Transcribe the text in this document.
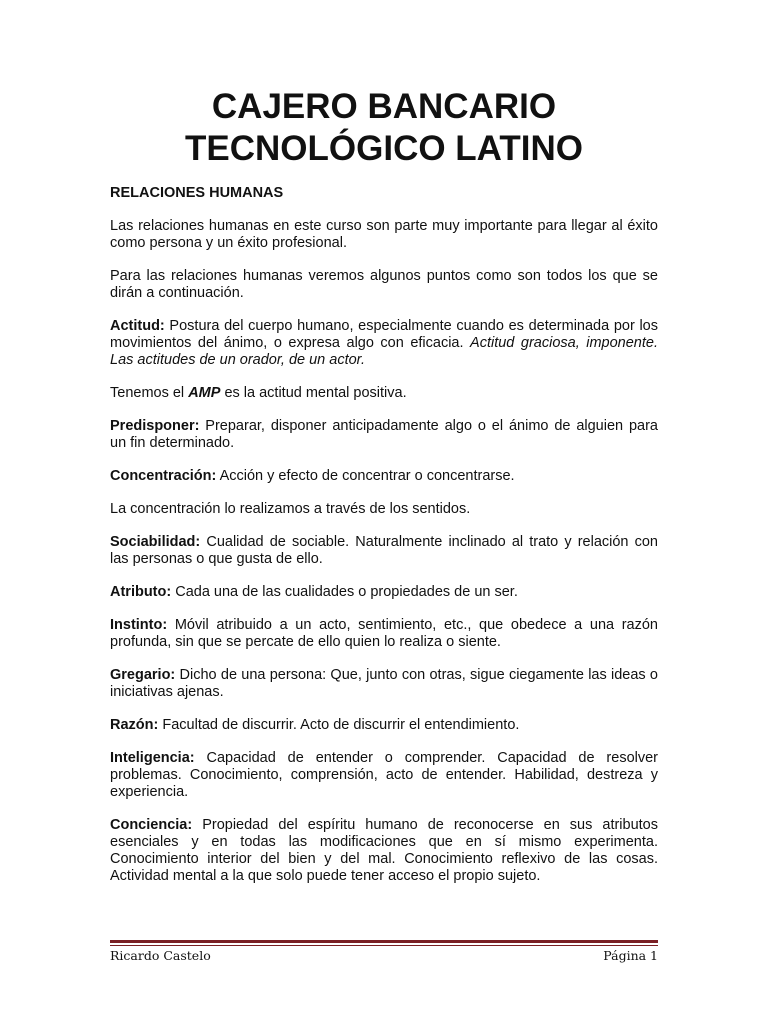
CAJERO BANCARIO
TECNOLÓGICO LATINO

RELACIONES HUMANAS

Las relaciones humanas en este curso son parte muy importante para llegar al éxito como persona y un éxito profesional.

Para las relaciones humanas veremos algunos puntos como son todos los que se dirán a continuación.

Actitud: Postura del cuerpo humano, especialmente cuando es determinada por los movimientos del ánimo, o expresa algo con eficacia. Actitud graciosa, imponente. Las actitudes de un orador, de un actor.

Tenemos el AMP es la actitud mental positiva.

Predisponer: Preparar, disponer anticipadamente algo o el ánimo de alguien para un fin determinado.

Concentración: Acción y efecto de concentrar o concentrarse.

La concentración lo realizamos a través de los sentidos.

Sociabilidad: Cualidad de sociable. Naturalmente inclinado al trato y relación con las personas o que gusta de ello.

Atributo: Cada una de las cualidades o propiedades de un ser.

Instinto: Móvil atribuido a un acto, sentimiento, etc., que obedece a una razón profunda, sin que se percate de ello quien lo realiza o siente.

Gregario: Dicho de una persona: Que, junto con otras, sigue ciegamente las ideas o iniciativas ajenas.

Razón: Facultad de discurrir. Acto de discurrir el entendimiento.

Inteligencia: Capacidad de entender o comprender. Capacidad de resolver problemas. Conocimiento, comprensión, acto de entender. Habilidad, destreza y experiencia.

Conciencia: Propiedad del espíritu humano de reconocerse en sus atributos esenciales y en todas las modificaciones que en sí mismo experimenta. Conocimiento interior del bien y del mal. Conocimiento reflexivo de las cosas. Actividad mental a la que solo puede tener acceso el propio sujeto.

Ricardo Castelo	Página 1
